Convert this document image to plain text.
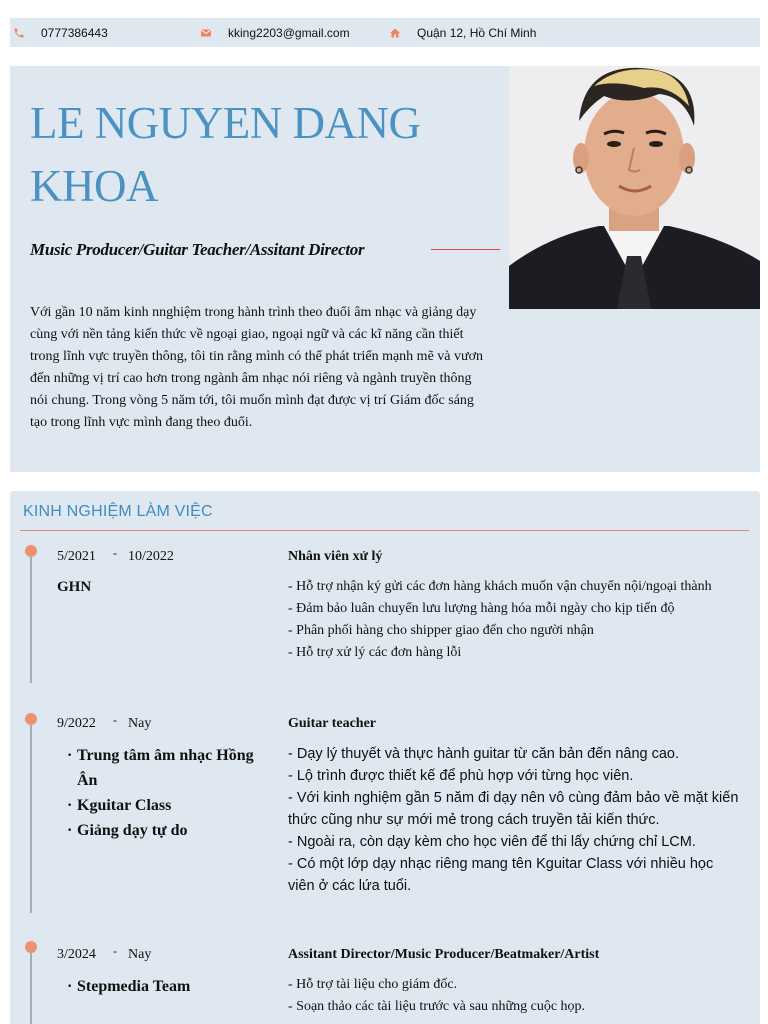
0777386443	kking2203@gmail.com	Quận 12, Hồ Chí Minh
LE NGUYEN DANG KHOA
Music Producer/Guitar Teacher/Assitant Director

Với gần 10 năm kinh nnghiệm trong hành trình theo đuổi âm nhạc và giảng dạy cùng với nền tảng kiến thức về ngoại giao, ngoại ngữ và các kĩ năng cần thiết trong lĩnh vực truyền thông, tôi tin rằng mình có thể phát triển mạnh mẽ và vươn đến những vị trí cao hơn trong ngành âm nhạc nói riêng và ngành truyền thông nói chung. Trong vòng 5 năm tới, tôi muốn mình đạt được vị trí Giám đốc sáng tạo trong lĩnh vực mình đang theo đuổi.

KINH NGHIỆM LÀM VIỆC
5/2021	- 10/2022
GHN
Nhân viên xử lý
- Hỗ trợ nhận ký gửi các đơn hàng khách muốn vận chuyển nội/ngoại thành
- Đảm bảo luân chuyển lưu lượng hàng hóa mỗi ngày cho kịp tiến độ
- Phân phối hàng cho shipper giao đến cho người nhận
- Hỗ trợ xử lý các đơn hàng lỗi
9/2022	- Nay
· Trung tâm âm nhạc Hồng Ân
· Kguitar Class
· Giảng dạy tự do
Guitar teacher
- Dạy lý thuyết và thực hành guitar từ căn bản đến nâng cao.
- Lộ trình được thiết kế để phù hợp với từng học viên.
- Với kinh nghiệm gần 5 năm đi dạy nên vô cùng đảm bảo về mặt kiến thức cũng như sự mới mẻ trong cách truyền tải kiến thức.
- Ngoài ra, còn dạy kèm cho học viên để thi lấy chứng chỉ LCM.
- Có một lớp dạy nhạc riêng mang tên Kguitar Class với nhiều học viên ở các lứa tuổi.
3/2024	- Nay
· Stepmedia Team
Assitant Director/Music Producer/Beatmaker/Artist
- Hỗ trợ tài liệu cho giám đốc.
- Soạn thảo các tài liệu trước và sau những cuộc họp.
